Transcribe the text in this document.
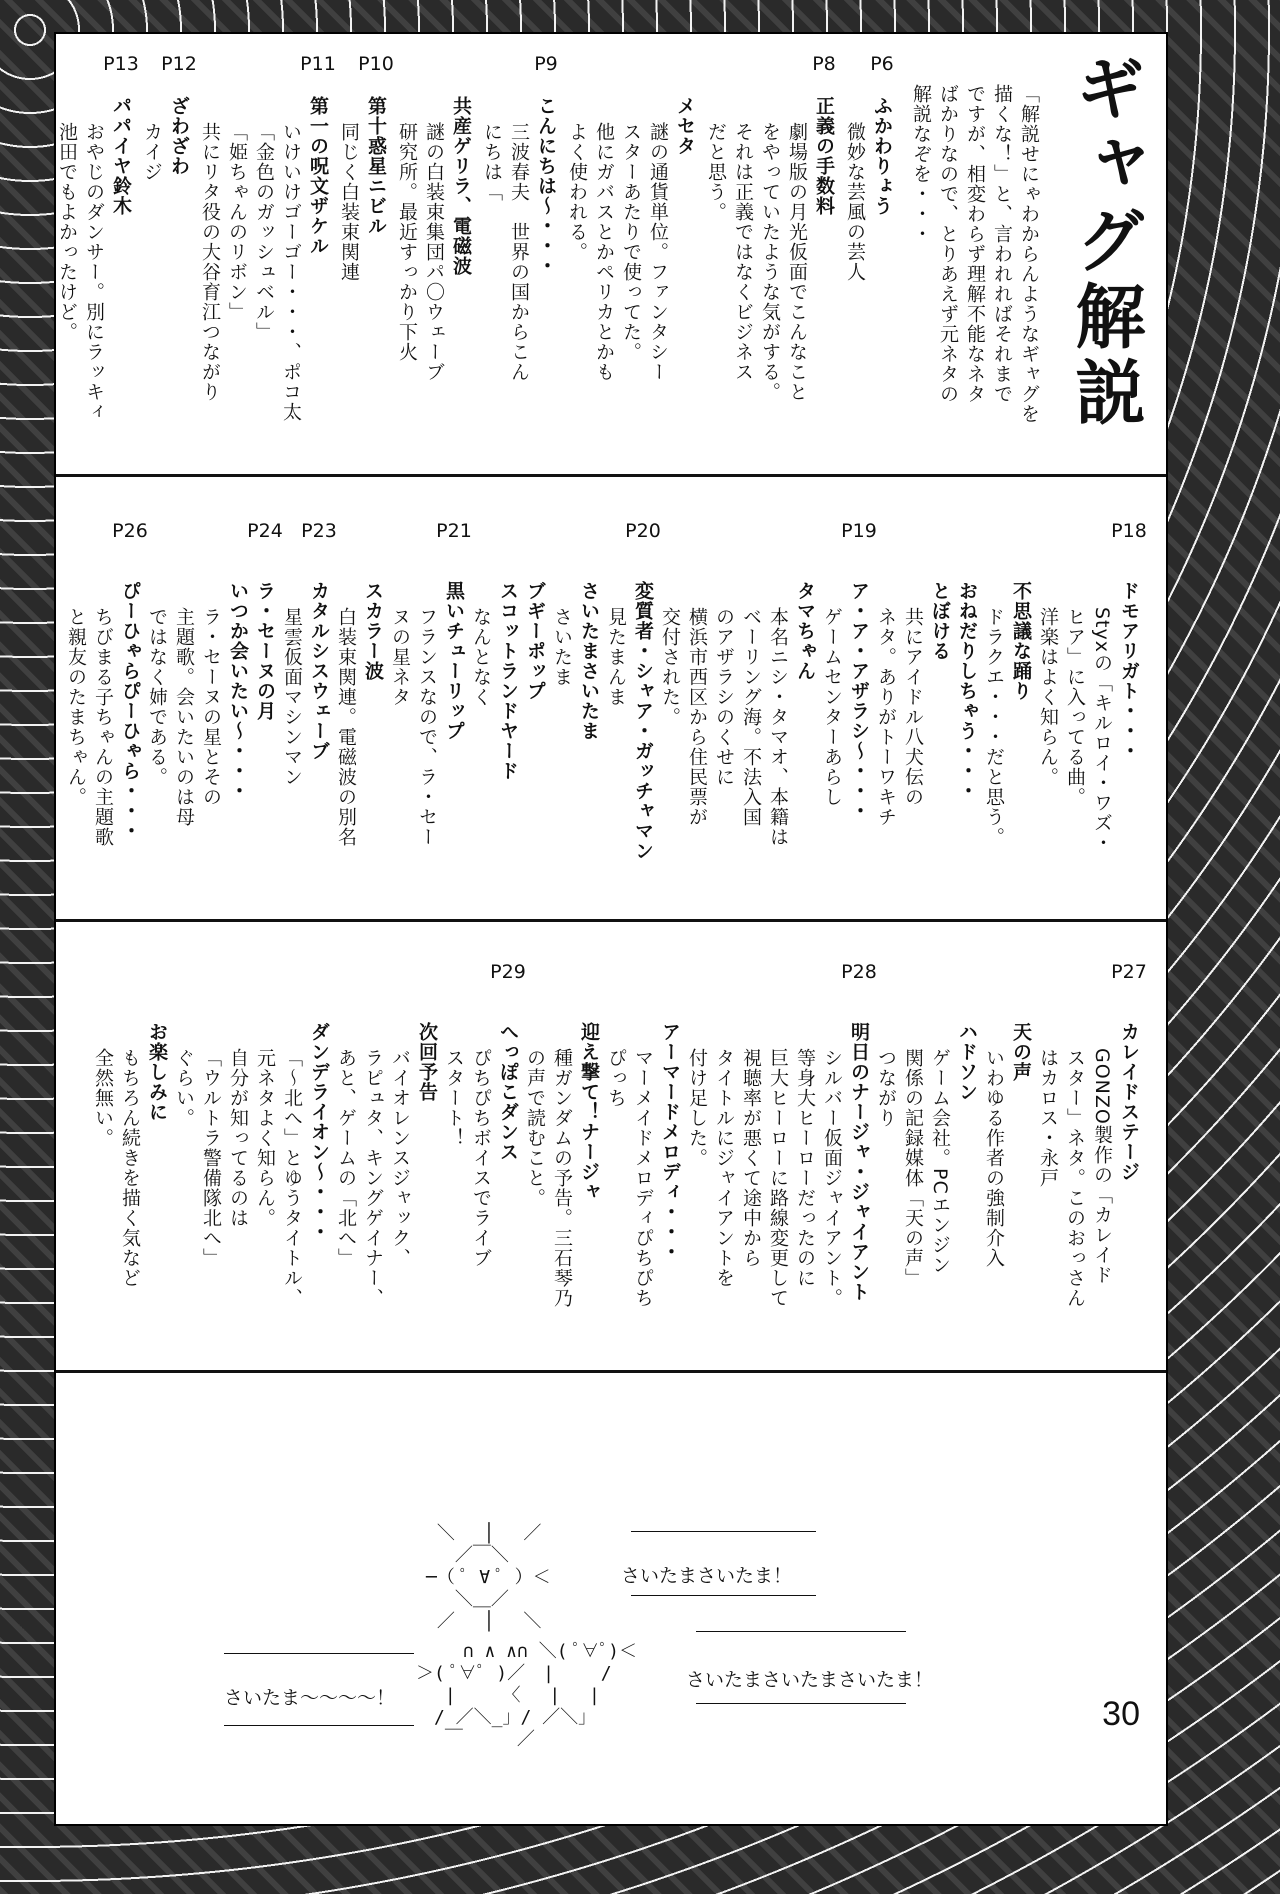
ギャグ解説
「解説せにゃわからんようなギャグを
描くな！」と、言われればそれまで
ですが、相変わらず理解不能なネタ
ばかりなので、とりあえず元ネタの
解説なぞを・・・
P6
ふかわりょう
微妙な芸風の芸人
P8
正義の手数料
劇場版の月光仮面でこんなこと
をやっていたような気がする。
それは正義ではなくビジネス
だと思う。
メセタ
謎の通貨単位。ファンタシー
スターあたりで使ってた。
他にガバスとかペリカとかも
よく使われる。
P9
こんにちは～・・・
三波春夫　世界の国からこん
にちは「
共産ゲリラ、電磁波
謎の白装束集団パ〇ウェーブ
研究所。最近すっかり下火
P10
第十惑星ニビル
同じく白装束関連
P11
第一の呪文ザケル
いけいけゴーゴー・・・、ポコ太
「金色のガッシュベル」
「姫ちゃんのリボン」
共にリタ役の大谷育江つながり
P12
ざわざわ
カイジ
P13
パパイヤ鈴木
おやじのダンサー。別にラッキィ
池田でもよかったけど。
P18
ドモアリガト・・・
Styxの「キルロイ・ワズ・
ヒア」に入ってる曲。
洋楽はよく知らん。
不思議な踊り
ドラクエ・・・だと思う。
おねだりしちゃう・・・
とぼける
共にアイドル八犬伝の
ネタ。ありがトーワキチ
P19
ア・ア・アザラシ～・・・
ゲームセンターあらし
タマちゃん
本名ニシ・タマオ、本籍は
ベーリング海。不法入国
のアザラシのくせに
横浜市西区から住民票が
交付された。
P20
変質者・シャア・ガッチャマン
見たまんま
さいたまさいたま
さいたま
ブギーポップ
スコットランドヤード
なんとなく
P21
黒いチューリップ
フランスなので、ラ・セー
ヌの星ネタ
スカラー波
白装束関連。電磁波の別名
P23
カタルシスウェーブ
星雲仮面マシンマン
P24
ラ・セーヌの月
いつか会いたい～・・・
ラ・セーヌの星とその
主題歌。会いたいのは母
ではなく姉である。
P26
ぴーひゃらぴーひゃら・・・
ちびまる子ちゃんの主題歌
と親友のたまちゃん。
P27
カレイドステージ
GONZO製作の「カレイド
スター」ネタ。このおっさん
はカロス・永戸
天の声
いわゆる作者の強制介入
ハドソン
ゲーム会社。PCエンジン
関係の記録媒体「天の声」
つながり
P28
明日のナージャ・ジャイアント
シルバー仮面ジャイアント。
等身大ヒーローだったのに
巨大ヒーローに路線変更して
視聴率が悪くて途中から
タイトルにジャイアントを
付け足した。
アーマードメロディ・・・
マーメイドメロディぴちぴち
ぴっち
迎え撃て！ナージャ
種ガンダムの予告。三石琴乃
の声で読むこと。
P29
へっぽこダンス
ぴちぴちボイスでライブ
スタート！
次回予告
バイオレンスジャック、
ラピュタ、キングゲイナー、
あと、ゲームの「北へ」
ダンデライオン～・・・
「～北へ」とゆうタイトル、
元ネタよく知らん。
自分が知ってるのは
「ウルトラ警備隊北へ」
ぐらい。
お楽しみに
もちろん続きを描く気など
全然無い。
＼　 │　 ／
　 ／￣＼
─（ ﾟ ∀ ﾟ ）＜
　 ＼＿／
／　 │　 ＼
さいたまさいたま！
　　 ∩ ∧ ∧∩ ＼( ﾟ∀ﾟ)＜
＞( ﾟ∀ﾟ )／　|　　 /
　 |　　 〈　 |　 |
　/ ／＼_」/ ／＼」
　 ￣　　　／
さいたまさいたまさいたま！
さいたま～～～～！	30
